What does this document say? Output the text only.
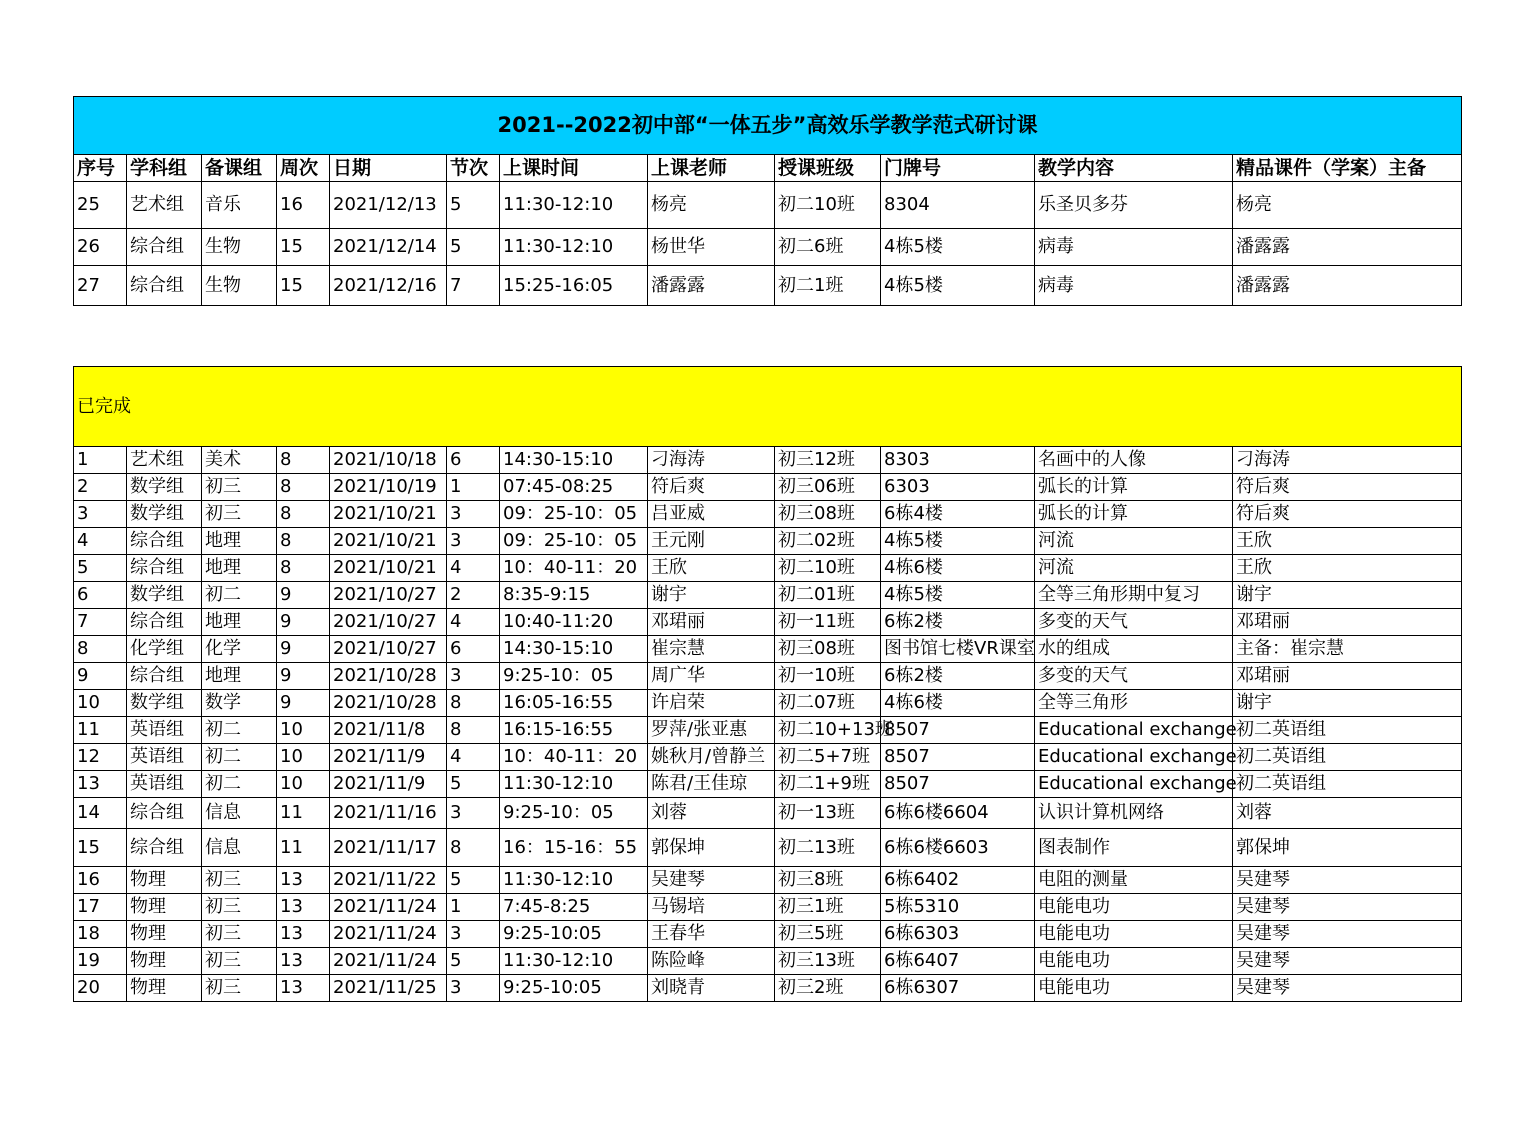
2021--2022初中部“一体五步”高效乐学教学范式研讨课											
序号	学科组	备课组	周次	日期	节次	上课时间	上课老师	授课班级	门牌号	教学内容	精品课件（学案）主备
25	艺术组	音乐	16	2021/12/13	5	11:30-12:10	杨亮	初二10班	8304	乐圣贝多芬	杨亮
26	综合组	生物	15	2021/12/14	5	11:30-12:10	杨世华	初二6班	4栋5楼	病毒	潘露露
27	综合组	生物	15	2021/12/16	7	15:25-16:05	潘露露	初二1班	4栋5楼	病毒	潘露露
已完成											
1	艺术组	美术	8	2021/10/18	6	14:30-15:10	刁海涛	初三12班	8303	名画中的人像	刁海涛
2	数学组	初三	8	2021/10/19	1	07:45-08:25	符后爽	初三06班	6303	弧长的计算	符后爽
3	数学组	初三	8	2021/10/21	3	09：25-10：05	吕亚威	初三08班	6栋4楼	弧长的计算	符后爽
4	综合组	地理	8	2021/10/21	3	09：25-10：05	王元刚	初二02班	4栋5楼	河流	王欣
5	综合组	地理	8	2021/10/21	4	10：40-11：20	王欣	初二10班	4栋6楼	河流	王欣
6	数学组	初二	9	2021/10/27	2	8:35-9:15	谢宇	初二01班	4栋5楼	全等三角形期中复习	谢宇
7	综合组	地理	9	2021/10/27	4	10:40-11:20	邓珺丽	初一11班	6栋2楼	多变的天气	邓珺丽
8	化学组	化学	9	2021/10/27	6	14:30-15:10	崔宗慧	初三08班	图书馆七楼VR课室	水的组成	主备：崔宗慧
9	综合组	地理	9	2021/10/28	3	9:25-10：05	周广华	初一10班	6栋2楼	多变的天气	邓珺丽
10	数学组	数学	9	2021/10/28	8	16:05-16:55	许启荣	初二07班	4栋6楼	全等三角形	谢宇
11	英语组	初二	10	2021/11/8	8	16:15-16:55	罗萍/张亚惠	初二10+13班	8507	Educational exchange	初二英语组
12	英语组	初二	10	2021/11/9	4	10：40-11：20	姚秋月/曾静兰	初二5+7班	8507	Educational exchange	初二英语组
13	英语组	初二	10	2021/11/9	5	11:30-12:10	陈君/王佳琼	初二1+9班	8507	Educational exchange	初二英语组
14	综合组	信息	11	2021/11/16	3	9:25-10：05	刘蓉	初一13班	6栋6楼6604	认识计算机网络	刘蓉
15	综合组	信息	11	2021/11/17	8	16：15-16：55	郭保坤	初二13班	6栋6楼6603	图表制作	郭保坤
16	物理	初三	13	2021/11/22	5	11:30-12:10	吴建琴	初三8班	6栋6402	电阻的测量	吴建琴
17	物理	初三	13	2021/11/24	1	7:45-8:25	马锡培	初三1班	5栋5310	电能电功	吴建琴
18	物理	初三	13	2021/11/24	3	9:25-10:05	王春华	初三5班	6栋6303	电能电功	吴建琴
19	物理	初三	13	2021/11/24	5	11:30-12:10	陈险峰	初三13班	6栋6407	电能电功	吴建琴
20	物理	初三	13	2021/11/25	3	9:25-10:05	刘晓青	初三2班	6栋6307	电能电功	吴建琴
